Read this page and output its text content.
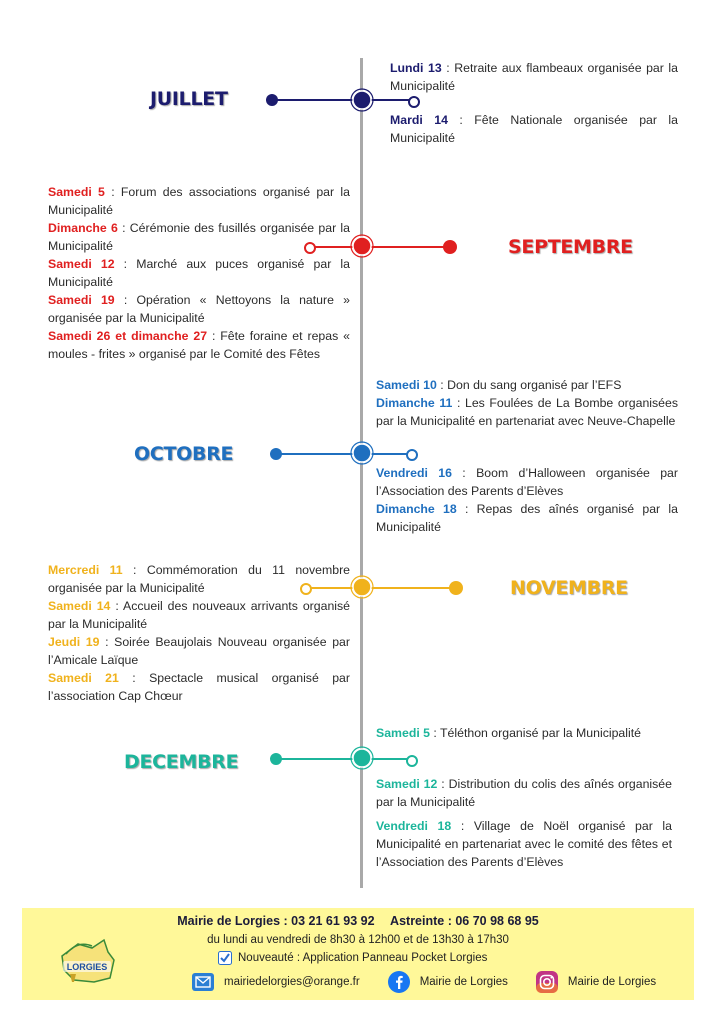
JUILLET
Lundi 13 : Retraite aux flambeaux organisée par la Municipalité
Mardi 14 : Fête Nationale organisée par la Municipalité
Samedi 5 : Forum des associations organisé par la Municipalité
Dimanche 6 : Cérémonie des fusillés organisée par la Municipalité
Samedi 12 : Marché aux puces organisé par la Municipalité
Samedi 19 : Opération « Nettoyons la nature » organisée par la Municipalité
Samedi 26 et dimanche 27 : Fête foraine et repas « moules - frites » organisé par le Comité des Fêtes
SEPTEMBRE
Samedi 10 : Don du sang organisé par l’EFS
Dimanche 11 : Les Foulées de La Bombe organisées par la Municipalité en partenariat avec Neuve-Chapelle
OCTOBRE
Vendredi 16 : Boom d’Halloween organisée par l’Association des Parents d’Elèves
Dimanche 18 : Repas des aînés organisé par la Municipalité
Mercredi 11 : Commémoration du 11 novembre organisée par la Municipalité
Samedi 14 : Accueil des nouveaux arrivants organisé par la Municipalité
Jeudi 19 : Soirée Beaujolais Nouveau organisée par l’Amicale Laïque
Samedi 21 : Spectacle musical organisé par l’association Cap Chœur
NOVEMBRE
Samedi 5 : Téléthon organisé par la Municipalité
DECEMBRE
Samedi 12 : Distribution du colis des aînés organisée par la Municipalité
Vendredi 18 : Village de Noël organisé par la Municipalité en partenariat avec le comité des fêtes et l’Association des Parents d’Elèves
LORGIES
Mairie de Lorgies : 03 21 61 93 92 Astreinte : 06 70 98 68 95
du lundi au vendredi de 8h30 à 12h00 et de 13h30 à 17h30
Nouveauté : Application Panneau Pocket Lorgies
mairiedelorgies@orange.fr	Mairie de Lorgies	Mairie de Lorgies
